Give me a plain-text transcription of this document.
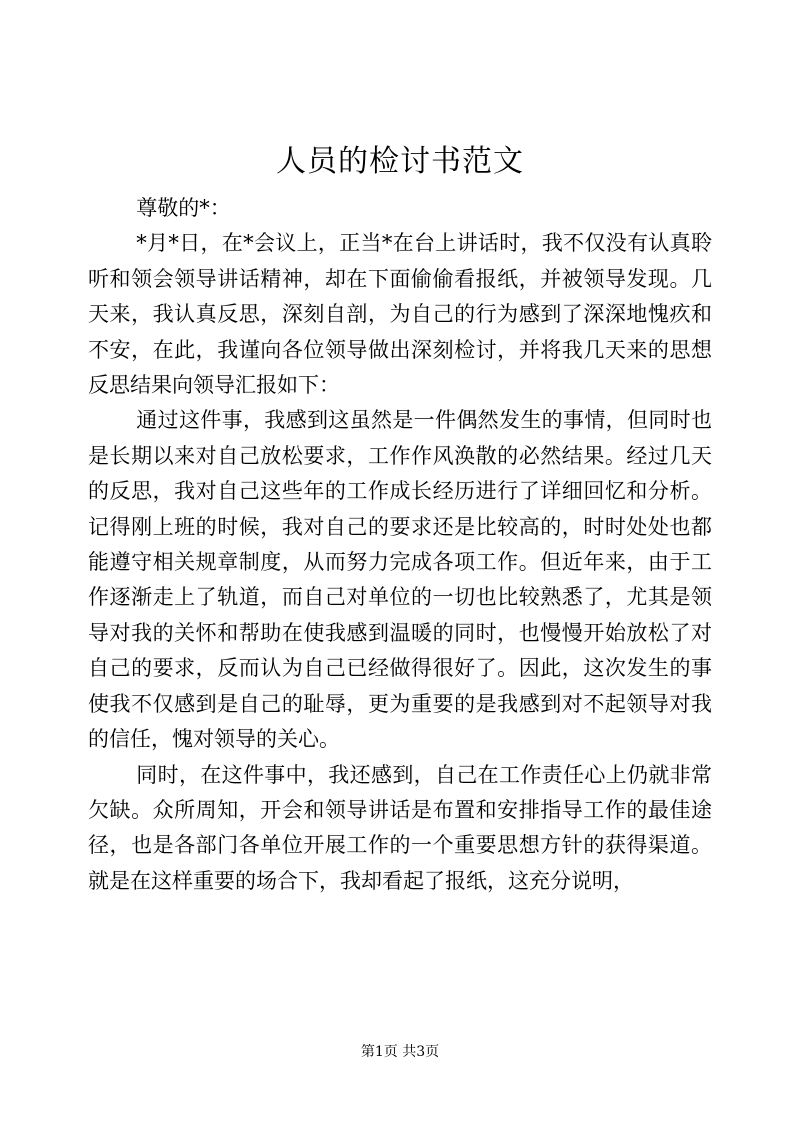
人员的检讨书范文

尊敬的*：

*月*日，在*会议上，正当*在台上讲话时，我不仅没有认真聆听和领会领导讲话精神，却在下面偷偷看报纸，并被领导发现。几天来，我认真反思，深刻自剖，为自己的行为感到了深深地愧疚和不安，在此，我谨向各位领导做出深刻检讨，并将我几天来的思想反思结果向领导汇报如下：

通过这件事，我感到这虽然是一件偶然发生的事情，但同时也是长期以来对自己放松要求，工作作风涣散的必然结果。经过几天的反思，我对自己这些年的工作成长经历进行了详细回忆和分析。记得刚上班的时候，我对自己的要求还是比较高的，时时处处也都能遵守相关规章制度，从而努力完成各项工作。但近年来，由于工作逐渐走上了轨道，而自己对单位的一切也比较熟悉了，尤其是领导对我的关怀和帮助在使我感到温暖的同时，也慢慢开始放松了对自己的要求，反而认为自己已经做得很好了。因此，这次发生的事使我不仅感到是自己的耻辱，更为重要的是我感到对不起领导对我的信任，愧对领导的关心。

同时，在这件事中，我还感到，自己在工作责任心上仍就非常欠缺。众所周知，开会和领导讲话是布置和安排指导工作的最佳途径，也是各部门各单位开展工作的一个重要思想方针的获得渠道。就是在这样重要的场合下，我却看起了报纸，这充分说明，

第1页 共3页
